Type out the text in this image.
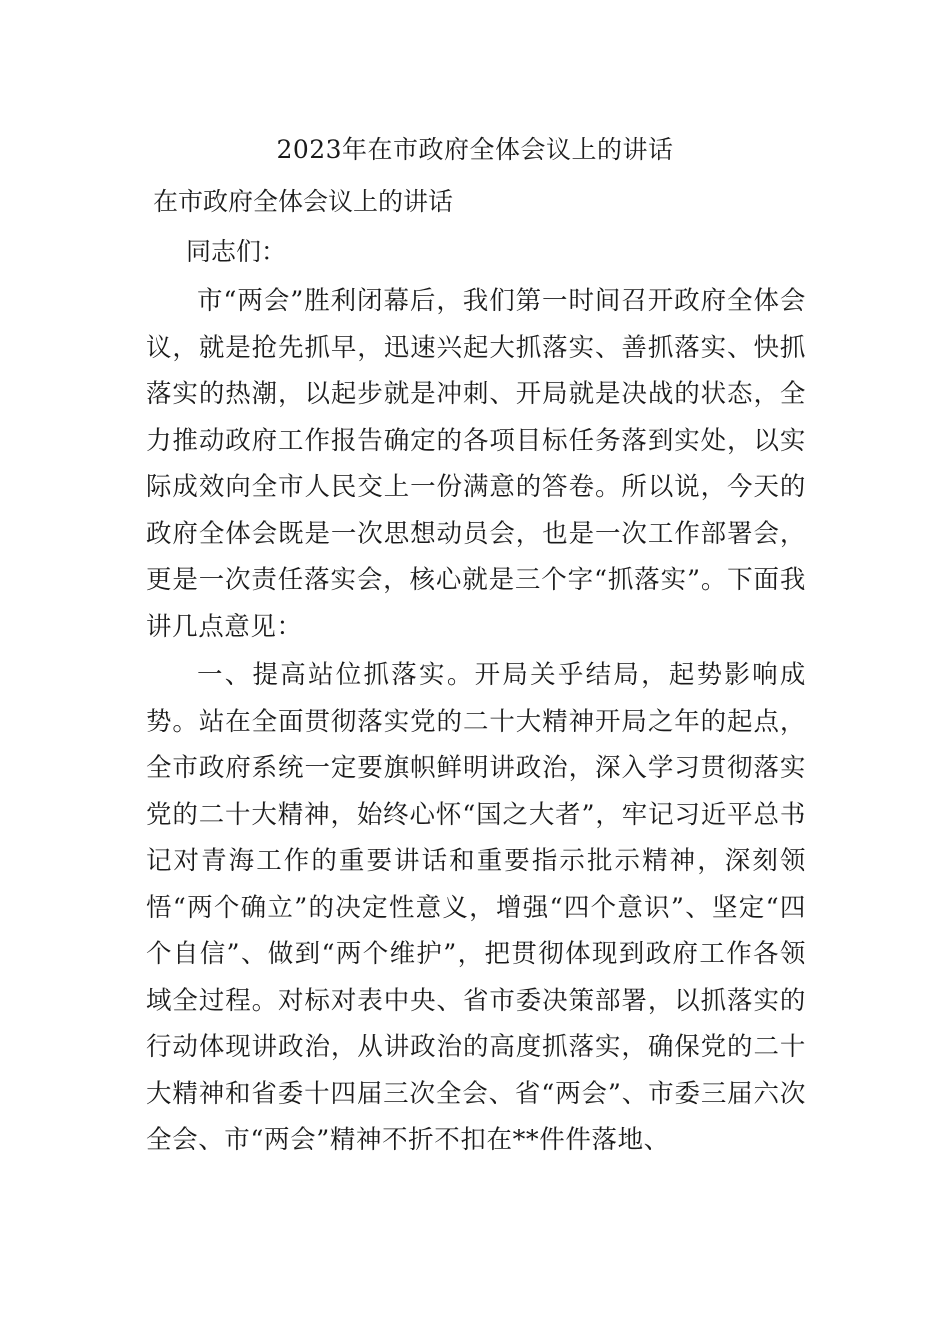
2023年在市政府全体会议上的讲话

在市政府全体会议上的讲话

同志们：

市“两会”胜利闭幕后，我们第一时间召开政府全体会议，就是抢先抓早，迅速兴起大抓落实、善抓落实、快抓落实的热潮，以起步就是冲刺、开局就是决战的状态，全力推动政府工作报告确定的各项目标任务落到实处，以实际成效向全市人民交上一份满意的答卷。所以说，今天的政府全体会既是一次思想动员会，也是一次工作部署会，更是一次责任落实会，核心就是三个字“抓落实”。下面我讲几点意见：

一、提高站位抓落实。开局关乎结局，起势影响成势。站在全面贯彻落实党的二十大精神开局之年的起点，全市政府系统一定要旗帜鲜明讲政治，深入学习贯彻落实党的二十大精神，始终心怀“国之大者”，牢记习近平总书记对青海工作的重要讲话和重要指示批示精神，深刻领悟“两个确立”的决定性意义，增强“四个意识”、坚定“四个自信”、做到“两个维护”，把贯彻体现到政府工作各领域全过程。对标对表中央、省市委决策部署，以抓落实的行动体现讲政治，从讲政治的高度抓落实，确保党的二十大精神和省委十四届三次全会、省“两会”、市委三届六次全会、市“两会”精神不折不扣在**件件落地、
